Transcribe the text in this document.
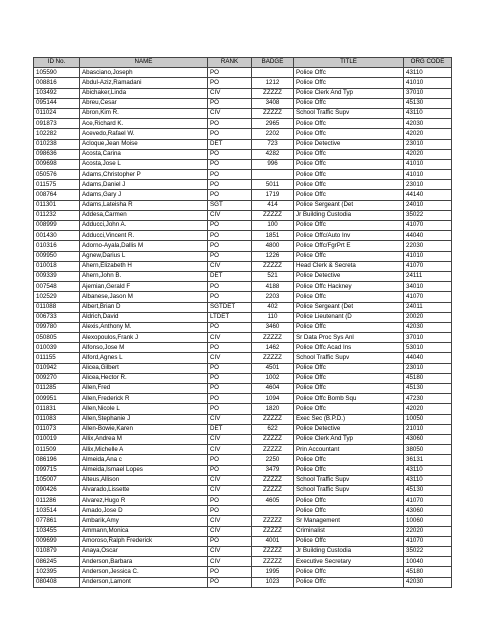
ID No.	NAME	RANK	BADGE	TITLE	ORG CODE
105590	Abasciano,Joseph	PO		Police Offc	43110
008816	Abdul-Aziz,Ramadani	PO	1212	Police Offc	41010
103492	Abichaker,Linda	CIV	ZZZZZ	Police Clerk And Typ	37010
095144	Abreu,Cesar	PO	3408	Police Offc	45130
011024	Abron,Kim R.	CIV	ZZZZZ	School Traffic Supv	43110
091873	Ace,Richard K.	PO	2965	Police Offc	42030
102282	Acevedo,Rafael W.	PO	2202	Police Offc	42020
010238	Acloque,Jean Moise	DET	723	Police Detective	23010
098636	Acosta,Carina	PO	4282	Police Offc	42020
009698	Acosta,Jose L	PO	996	Police Offc	41010
050576	Adams,Christopher P	PO		Police Offc	41010
011575	Adams,Daniel J	PO	5011	Police Offc	23010
008764	Adams,Gary J	PO	1719	Police Offc	44140
011301	Adams,Lateisha R	SGT	414	Police Sergeant (Det	24010
011232	Addesa,Carmen	CIV	ZZZZZ	Jr Building Custodia	35022
008999	Adducci,John A.	PO	100	Police Offc	41070
001430	Adducci,Vincent R.	PO	1851	Police Offc/Auto Inv	44040
010316	Adorno-Ayala,Dallis M	PO	4800	Police Offc/FgrPrt E	22030
009950	Agnew,Darius L	PO	1226	Police Offc	41010
010018	Ahern,Elizabeth H	CIV	ZZZZZ	Head Clerk & Secreta	41070
009339	Ahern,John B.	DET	521	Police Detective	24111
007548	Ajemian,Gerald F	PO	4188	Police Offc Hackney	34010
102529	Albanese,Jason M	PO	2203	Police Offc	41070
011088	Albert,Brian D	SGTDET	402	Police Sergeant (Det	24011
006733	Aldrich,David	LTDET	110	Police Lieutenant (D	20020
099780	Alexis,Anthony M.	PO	3460	Police Offc	42030
050805	Alexopoulos,Frank J	CIV	ZZZZZ	Sr Data Proc Sys Anl	37010
010039	Alfonso,Jose M	PO	1462	Police Offc Acad Ins	53010
011155	Alford,Agnes L	CIV	ZZZZZ	School Traffic Supv	44040
010942	Alicea,Gilbert	PO	4501	Police Offc	23010
009270	Alicea,Hector R.	PO	1002	Police Offc	45180
011285	Allen,Fred	PO	4604	Police Offc	45130
009951	Allen,Frederick R	PO	1094	Police Offc Bomb Squ	47230
011831	Allen,Nicole L	PO	1820	Police Offc	42020
011083	Allen,Stephanie J	CIV	ZZZZZ	Exec Sec (B.P.D.)	10050
011073	Allen-Bowie,Karen	DET	622	Police Detective	21010
010019	Allix,Andrea M	CIV	ZZZZZ	Police Clerk And Typ	43060
011509	Allix,Michelle A	CIV	ZZZZZ	Prin Accountant	38050
086196	Almeida,Ana c	PO	2250	Police Offc	36131
099715	Almeida,Ismael Lopes	PO	3479	Police Offc	43110
105007	Alteus,Allison	CIV	ZZZZZ	School Traffic Supv	43110
090426	Alvarado,Lissette	CIV	ZZZZZ	School Traffic Supv	45130
011286	Alvarez,Hugo R	PO	4605	Police Offc	41070
103514	Amado,Jose D	PO		Police Offc	43060
077861	Ambarik,Amy	CIV	ZZZZZ	Sr Management	10060
103455	Ammann,Monica	CIV	ZZZZZ	Criminalist	22020
009699	Amoroso,Ralph Frederick	PO	4001	Police Offc	41070
010879	Anaya,Oscar	CIV	ZZZZZ	Jr Building Custodia	35022
086245	Anderson,Barbara	CIV	ZZZZZ	Executive Secretary	10040
102395	Anderson,Jessica C.	PO	1995	Police Offc	45180
080408	Anderson,Lamont	PO	1023	Police Offc	42030
